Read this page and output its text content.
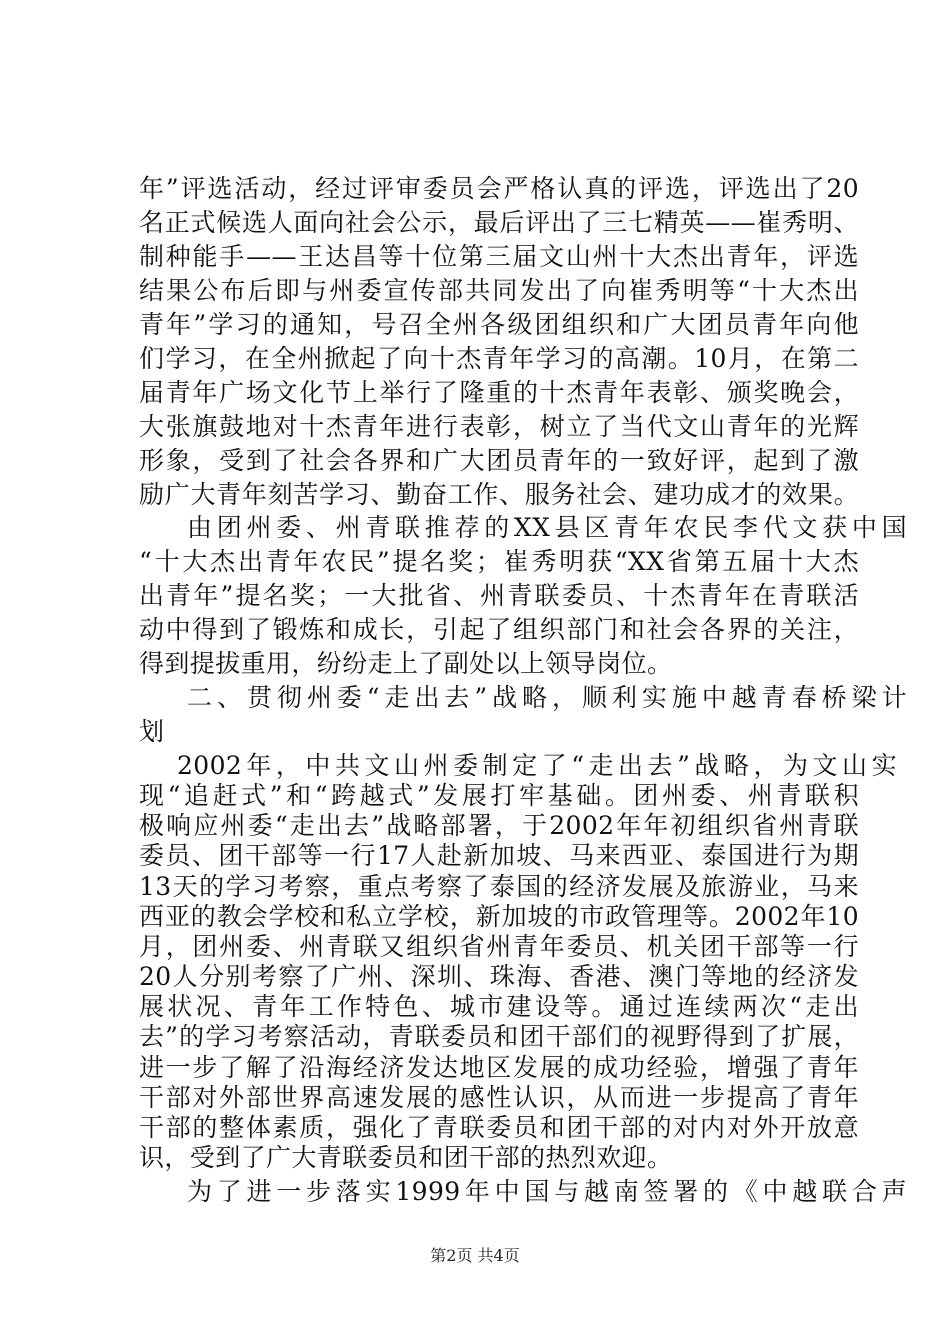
年”评选活动，经过评审委员会严格认真的评选，评选出了20
名正式候选人面向社会公示，最后评出了三七精英——崔秀明、
制种能手——王达昌等十位第三届文山州十大杰出青年，评选
结果公布后即与州委宣传部共同发出了向崔秀明等“十大杰出
青年”学习的通知，号召全州各级团组织和广大团员青年向他
们学习，在全州掀起了向十杰青年学习的高潮。10月，在第二
届青年广场文化节上举行了隆重的十杰青年表彰、颁奖晚会，
大张旗鼓地对十杰青年进行表彰，树立了当代文山青年的光辉
形象，受到了社会各界和广大团员青年的一致好评，起到了激
励广大青年刻苦学习、勤奋工作、服务社会、建功成才的效果。
由团州委、州青联推荐的XX县区青年农民李代文获中国
“十大杰出青年农民”提名奖；崔秀明获“XX省第五届十大杰
出青年”提名奖；一大批省、州青联委员、十杰青年在青联活
动中得到了锻炼和成长，引起了组织部门和社会各界的关注，
得到提拔重用，纷纷走上了副处以上领导岗位。
二、贯彻州委“走出去”战略，顺利实施中越青春桥梁计
划
2002年，中共文山州委制定了“走出去”战略，为文山实
现“追赶式”和“跨越式”发展打牢基础。团州委、州青联积
极响应州委“走出去”战略部署，于2002年年初组织省州青联
委员、团干部等一行17人赴新加坡、马来西亚、泰国进行为期
13天的学习考察，重点考察了泰国的经济发展及旅游业，马来
西亚的教会学校和私立学校，新加坡的市政管理等。2002年10
月，团州委、州青联又组织省州青年委员、机关团干部等一行
20人分别考察了广州、深圳、珠海、香港、澳门等地的经济发
展状况、青年工作特色、城市建设等。通过连续两次“走出
去”的学习考察活动，青联委员和团干部们的视野得到了扩展，
进一步了解了沿海经济发达地区发展的成功经验，增强了青年
干部对外部世界高速发展的感性认识，从而进一步提高了青年
干部的整体素质，强化了青联委员和团干部的对内对外开放意
识，受到了广大青联委员和团干部的热烈欢迎。
第2页 共4页
为了进一步落实1999年中国与越南签署的《中越联合声
